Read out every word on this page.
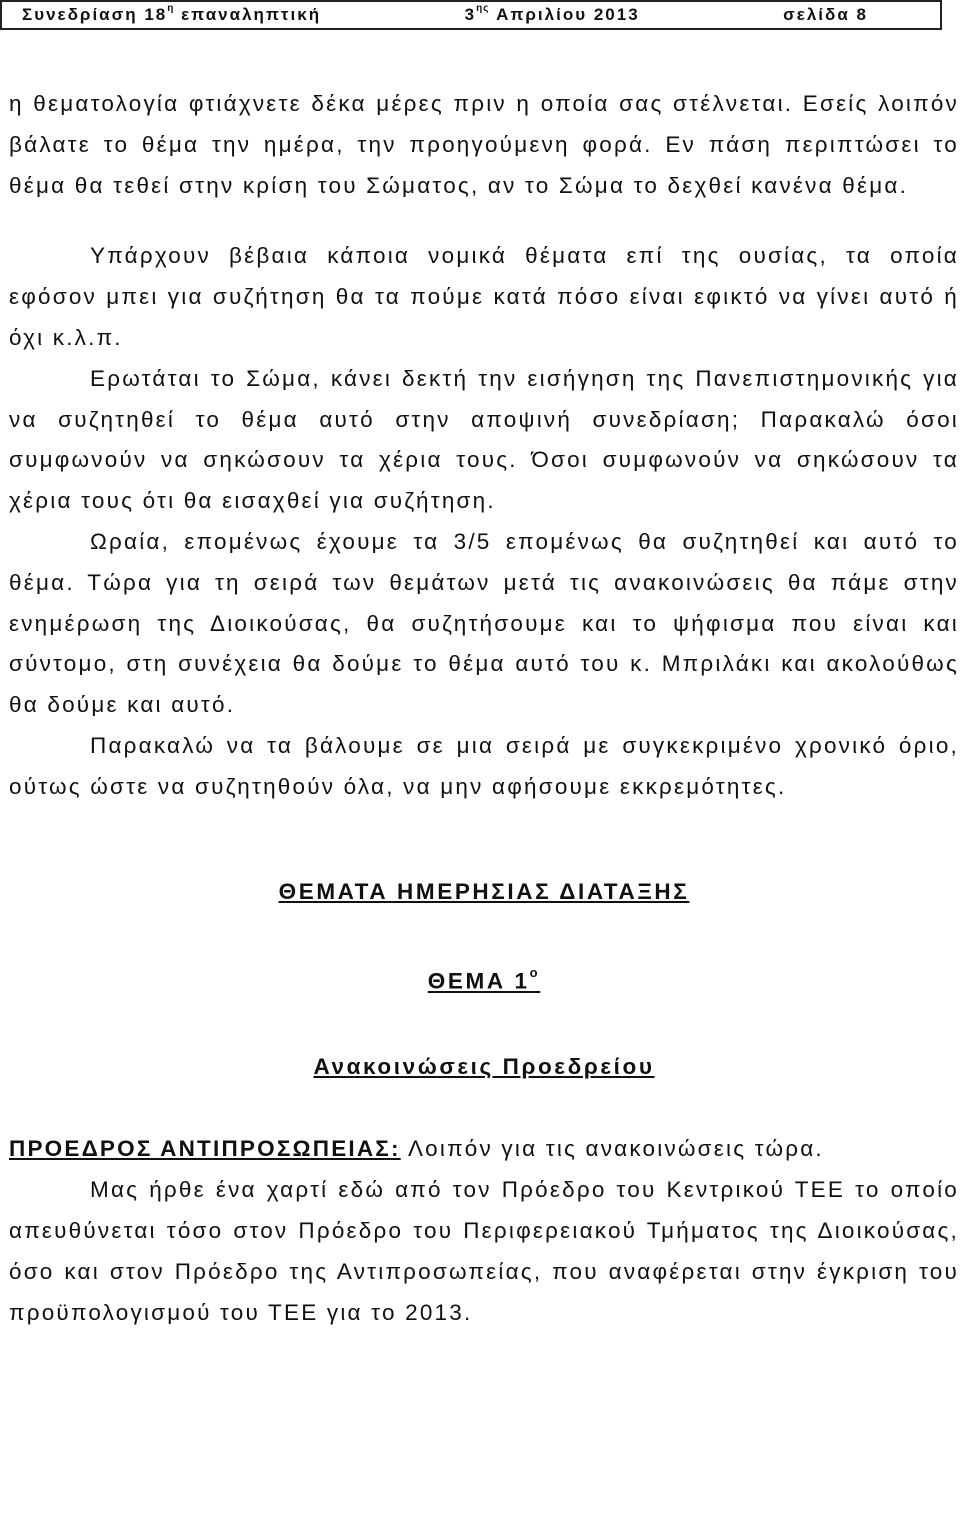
Συνεδρίαση $18^\eta$ επαναληπτική	$3^{\eta\varsigma}$ Απριλίου 2013	σελίδα 8

η θεματολογία φτιάχνετε δέκα μέρες πριν η οποία σας στέλνεται. Εσείς λοιπόν βάλατε το θέμα την ημέρα, την προηγούμενη φορά. Εν πάση περιπτώσει το θέμα θα τεθεί στην κρίση του Σώματος, αν το Σώμα το δεχθεί κανένα θέμα.

Υπάρχουν βέβαια κάποια νομικά θέματα επί της ουσίας, τα οποία εφόσον μπει για συζήτηση θα τα πούμε κατά πόσο είναι εφικτό να γίνει αυτό ή όχι κ.λ.π.

Ερωτάται το Σώμα, κάνει δεκτή την εισήγηση της Πανεπιστημονικής για να συζητηθεί το θέμα αυτό στην αποψινή συνεδρίαση; Παρακαλώ όσοι συμφωνούν να σηκώσουν τα χέρια τους. Όσοι συμφωνούν να σηκώσουν τα χέρια τους ότι θα εισαχθεί για συζήτηση.

Ωραία, επομένως έχουμε τα 3/5 επομένως θα συζητηθεί και αυτό το θέμα. Τώρα για τη σειρά των θεμάτων μετά τις ανακοινώσεις θα πάμε στην ενημέρωση της Διοικούσας, θα συζητήσουμε και το ψήφισμα που είναι και σύντομο, στη συνέχεια θα δούμε το θέμα αυτό του κ. Μπριλάκι και ακολούθως θα δούμε και αυτό.

Παρακαλώ να τα βάλουμε σε μια σειρά με συγκεκριμένο χρονικό όριο, ούτως ώστε να συζητηθούν όλα, να μην αφήσουμε εκκρεμότητες.

ΘΕΜΑΤΑ ΗΜΕΡΗΣΙΑΣ ΔΙΑΤΑΞΗΣ

ΘΕΜΑ $1^o$

Ανακοινώσεις Προεδρείου

ΠΡΟΕΔΡΟΣ ΑΝΤΙΠΡΟΣΩΠΕΙΑΣ: Λοιπόν για τις ανακοινώσεις τώρα.

Μας ήρθε ένα χαρτί εδώ από τον Πρόεδρο του Κεντρικού ΤΕΕ το οποίο απευθύνεται τόσο στον Πρόεδρο του Περιφερειακού Τμήματος της Διοικούσας, όσο και στον Πρόεδρο της Αντιπροσωπείας, που αναφέρεται στην έγκριση του προϋπολογισμού του ΤΕΕ για το 2013.
